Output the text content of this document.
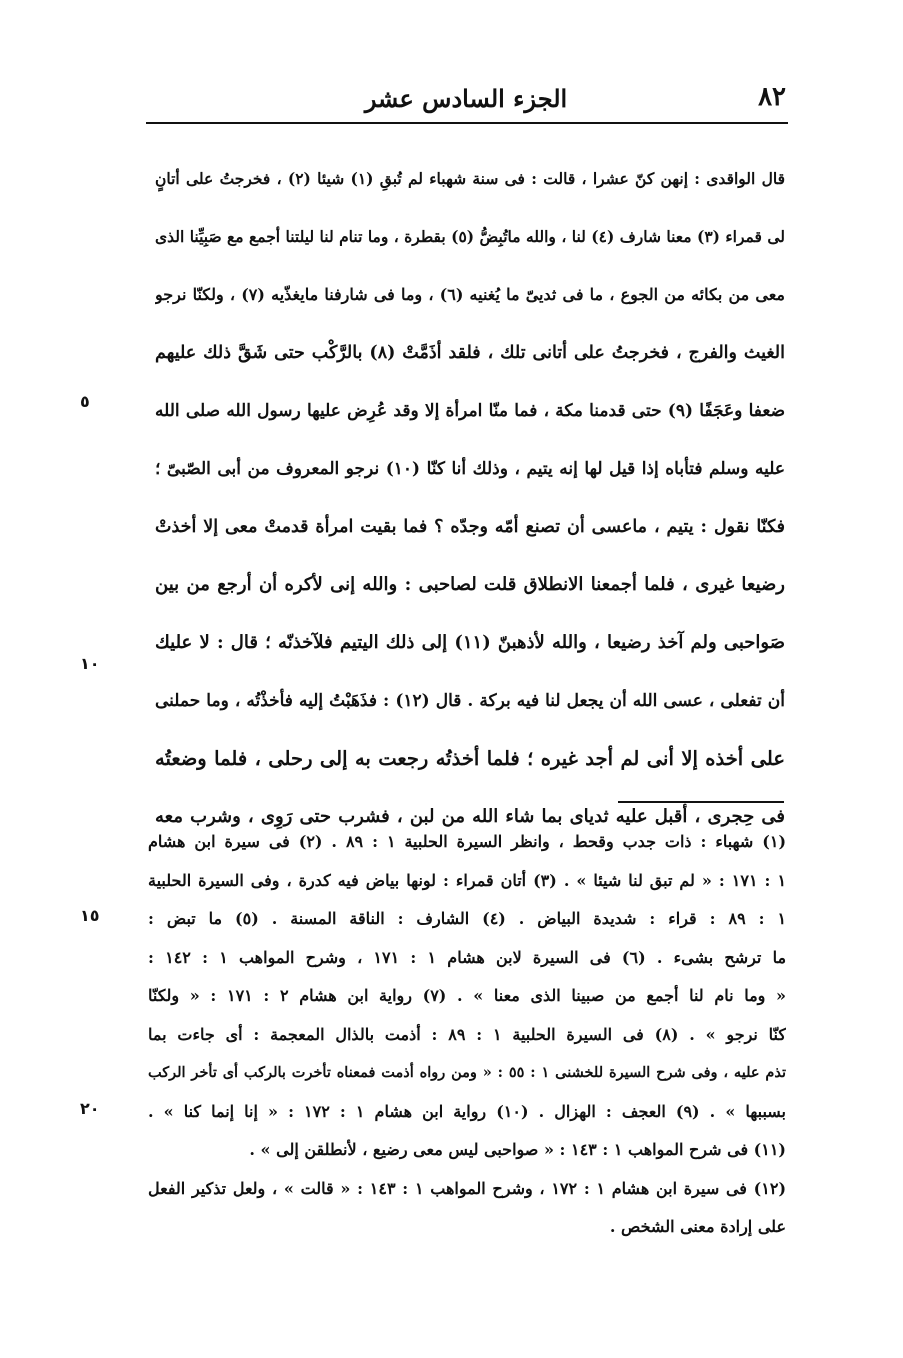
٨٢
الجزء السادس عشر
قال الواقدى : إنهن كنّ عشرا ، قالت : فى سنة شهباء لم تُبقِ (١) شيئا (٢) ، فخرجتُ على أتانٍ
لى قمراء (٣) معنا شارف (٤) لنا ، والله ماتُبِضُّ (٥) بقطرة ، وما تنام لنا ليلتنا أجمع مع صَبِيِّنا الذى
معى من بكائه من الجوع ، ما فى ثديىّ ما يُغنيه (٦) ، وما فى شارفنا مايغذّيه (٧) ، ولكنّا نرجو
الغيث والفرج ، فخرجتُ على أتانى تلك ، فلقد أذَمَّتْ (٨) بالرَّكْب حتى شَقَّ ذلك عليهم
ضعفا وعَجَفًا (٩) حتى قدمنا مكة ، فما منّا امرأة إلا وقد عُرِض عليها رسول الله صلى الله
عليه وسلم فتأباه إذا قيل لها إنه يتيم ، وذلك أنا كنّا (١٠) نرجو المعروف من أبى الصّبىّ ؛
فكنّا نقول : يتيم ، ماعسى أن تصنع أمّه وجدّه ؟ فما بقيت امرأة قدمتْ معى إلا أخذتْ
رضيعا غيرى ، فلما أجمعنا الانطلاق قلت لصاحبى : والله إنى لأكره أن أرجع من بين
صَواحبى ولم آخذ رضيعا ، والله لأذهبنّ (١١) إلى ذلك اليتيم فلآخذنّه ؛ قال : لا عليك
أن تفعلى ، عسى الله أن يجعل لنا فيه بركة . قال (١٢) : فذَهَبْتُ إليه فأخذْتُه ، وما حملنى
على أخذه إلا أنى لم أجد غيره ؛ فلما أخذتُه رجعت به إلى رحلى ، فلما وضعتُه
فى حِجرى ، أقبل عليه ثدياى بما شاء الله من لبن ، فشرب حتى رَوِى ، وشرب معه
٥
١٠
١٥
٢٠
(١) شهباء : ذات جدب وقحط ، وانظر السيرة الحلبية ١ : ٨٩ . (٢) فى سيرة ابن هشام
١ : ١٧١ : « لم تبق لنا شيئا » . (٣) أتان قمراء : لونها بياض فيه كدرة ، وفى السيرة الحلبية
١ : ٨٩ : قراء : شديدة البياض . (٤) الشارف : الناقة المسنة . (٥) ما تبض :
ما ترشح بشىء . (٦) فى السيرة لابن هشام ١ : ١٧١ ، وشرح المواهب ١ : ١٤٢ :
« وما نام لنا أجمع من صبينا الذى معنا » . (٧) رواية ابن هشام ٢ : ١٧١ : « ولكنّا
كنّا نرجو » . (٨) فى السيرة الحلبية ١ : ٨٩ : أذمت بالذال المعجمة : أى جاءت بما
تذم عليه ، وفى شرح السيرة للخشنى ١ : ٥٥ : « ومن رواه أذمت فمعناه تأخرت بالركب أى تأخر الركب
بسببها » . (٩) العجف : الهزال . (١٠) رواية ابن هشام ١ : ١٧٢ : « إنا إنما كنا » .
(١١) فى شرح المواهب ١ : ١٤٣ : « صواحبى ليس معى رضيع ، لأنطلقن إلى » .
(١٢) فى سيرة ابن هشام ١ : ١٧٢ ، وشرح المواهب ١ : ١٤٣ : « قالت » ، ولعل تذكير الفعل
على إرادة معنى الشخص .
